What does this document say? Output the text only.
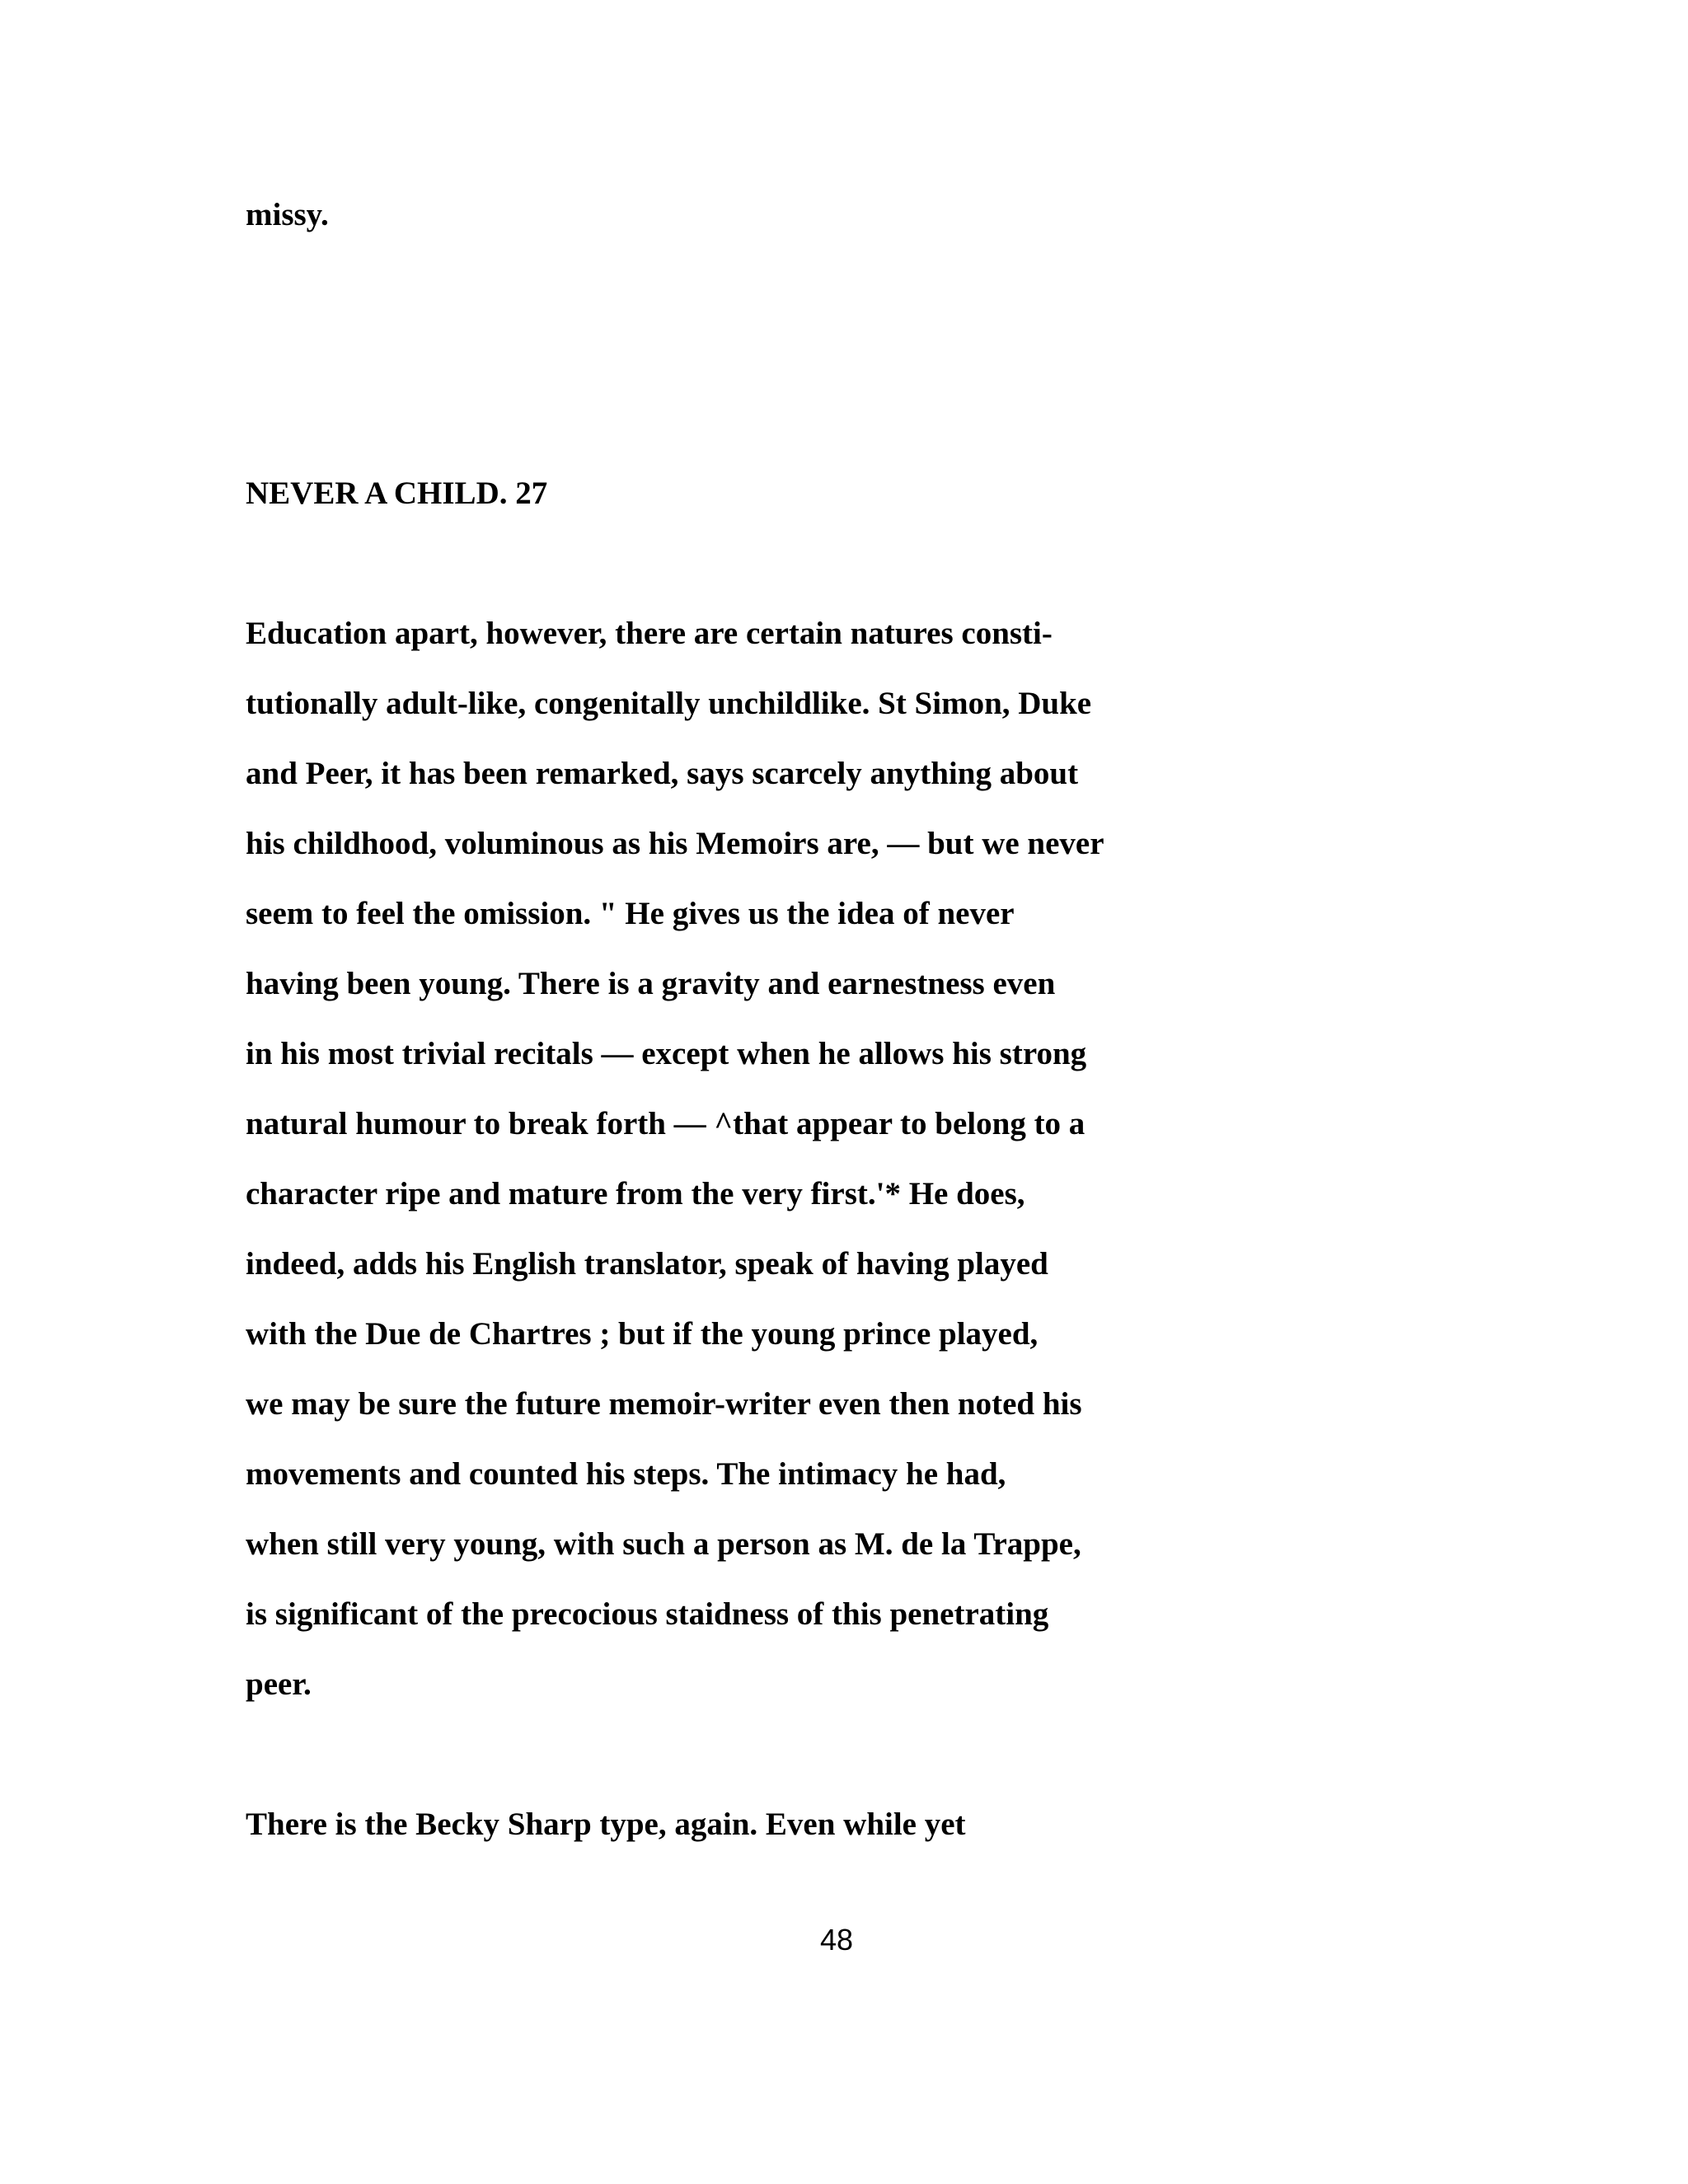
missy.
NEVER A CHILD. 27
Education apart, however, there are certain natures consti-
tutionally adult-like, congenitally unchildlike. St Simon, Duke
and Peer, it has been remarked, says scarcely anything about
his childhood, voluminous as his Memoirs are, — but we never
seem to feel the omission. " He gives us the idea of never
having been young. There is a gravity and earnestness even
in his most trivial recitals — except when he allows his strong
natural humour to break forth — ^that appear to belong to a
character ripe and mature from the very first.'* He does,
indeed, adds his English translator, speak of having played
with the Due de Chartres ; but if the young prince played,
we may be sure the future memoir-writer even then noted his
movements and counted his steps. The intimacy he had,
when still very young, with such a person as M. de la Trappe,
is significant of the precocious staidness of this penetrating
peer.
There is the Becky Sharp type, again. Even while yet
48
